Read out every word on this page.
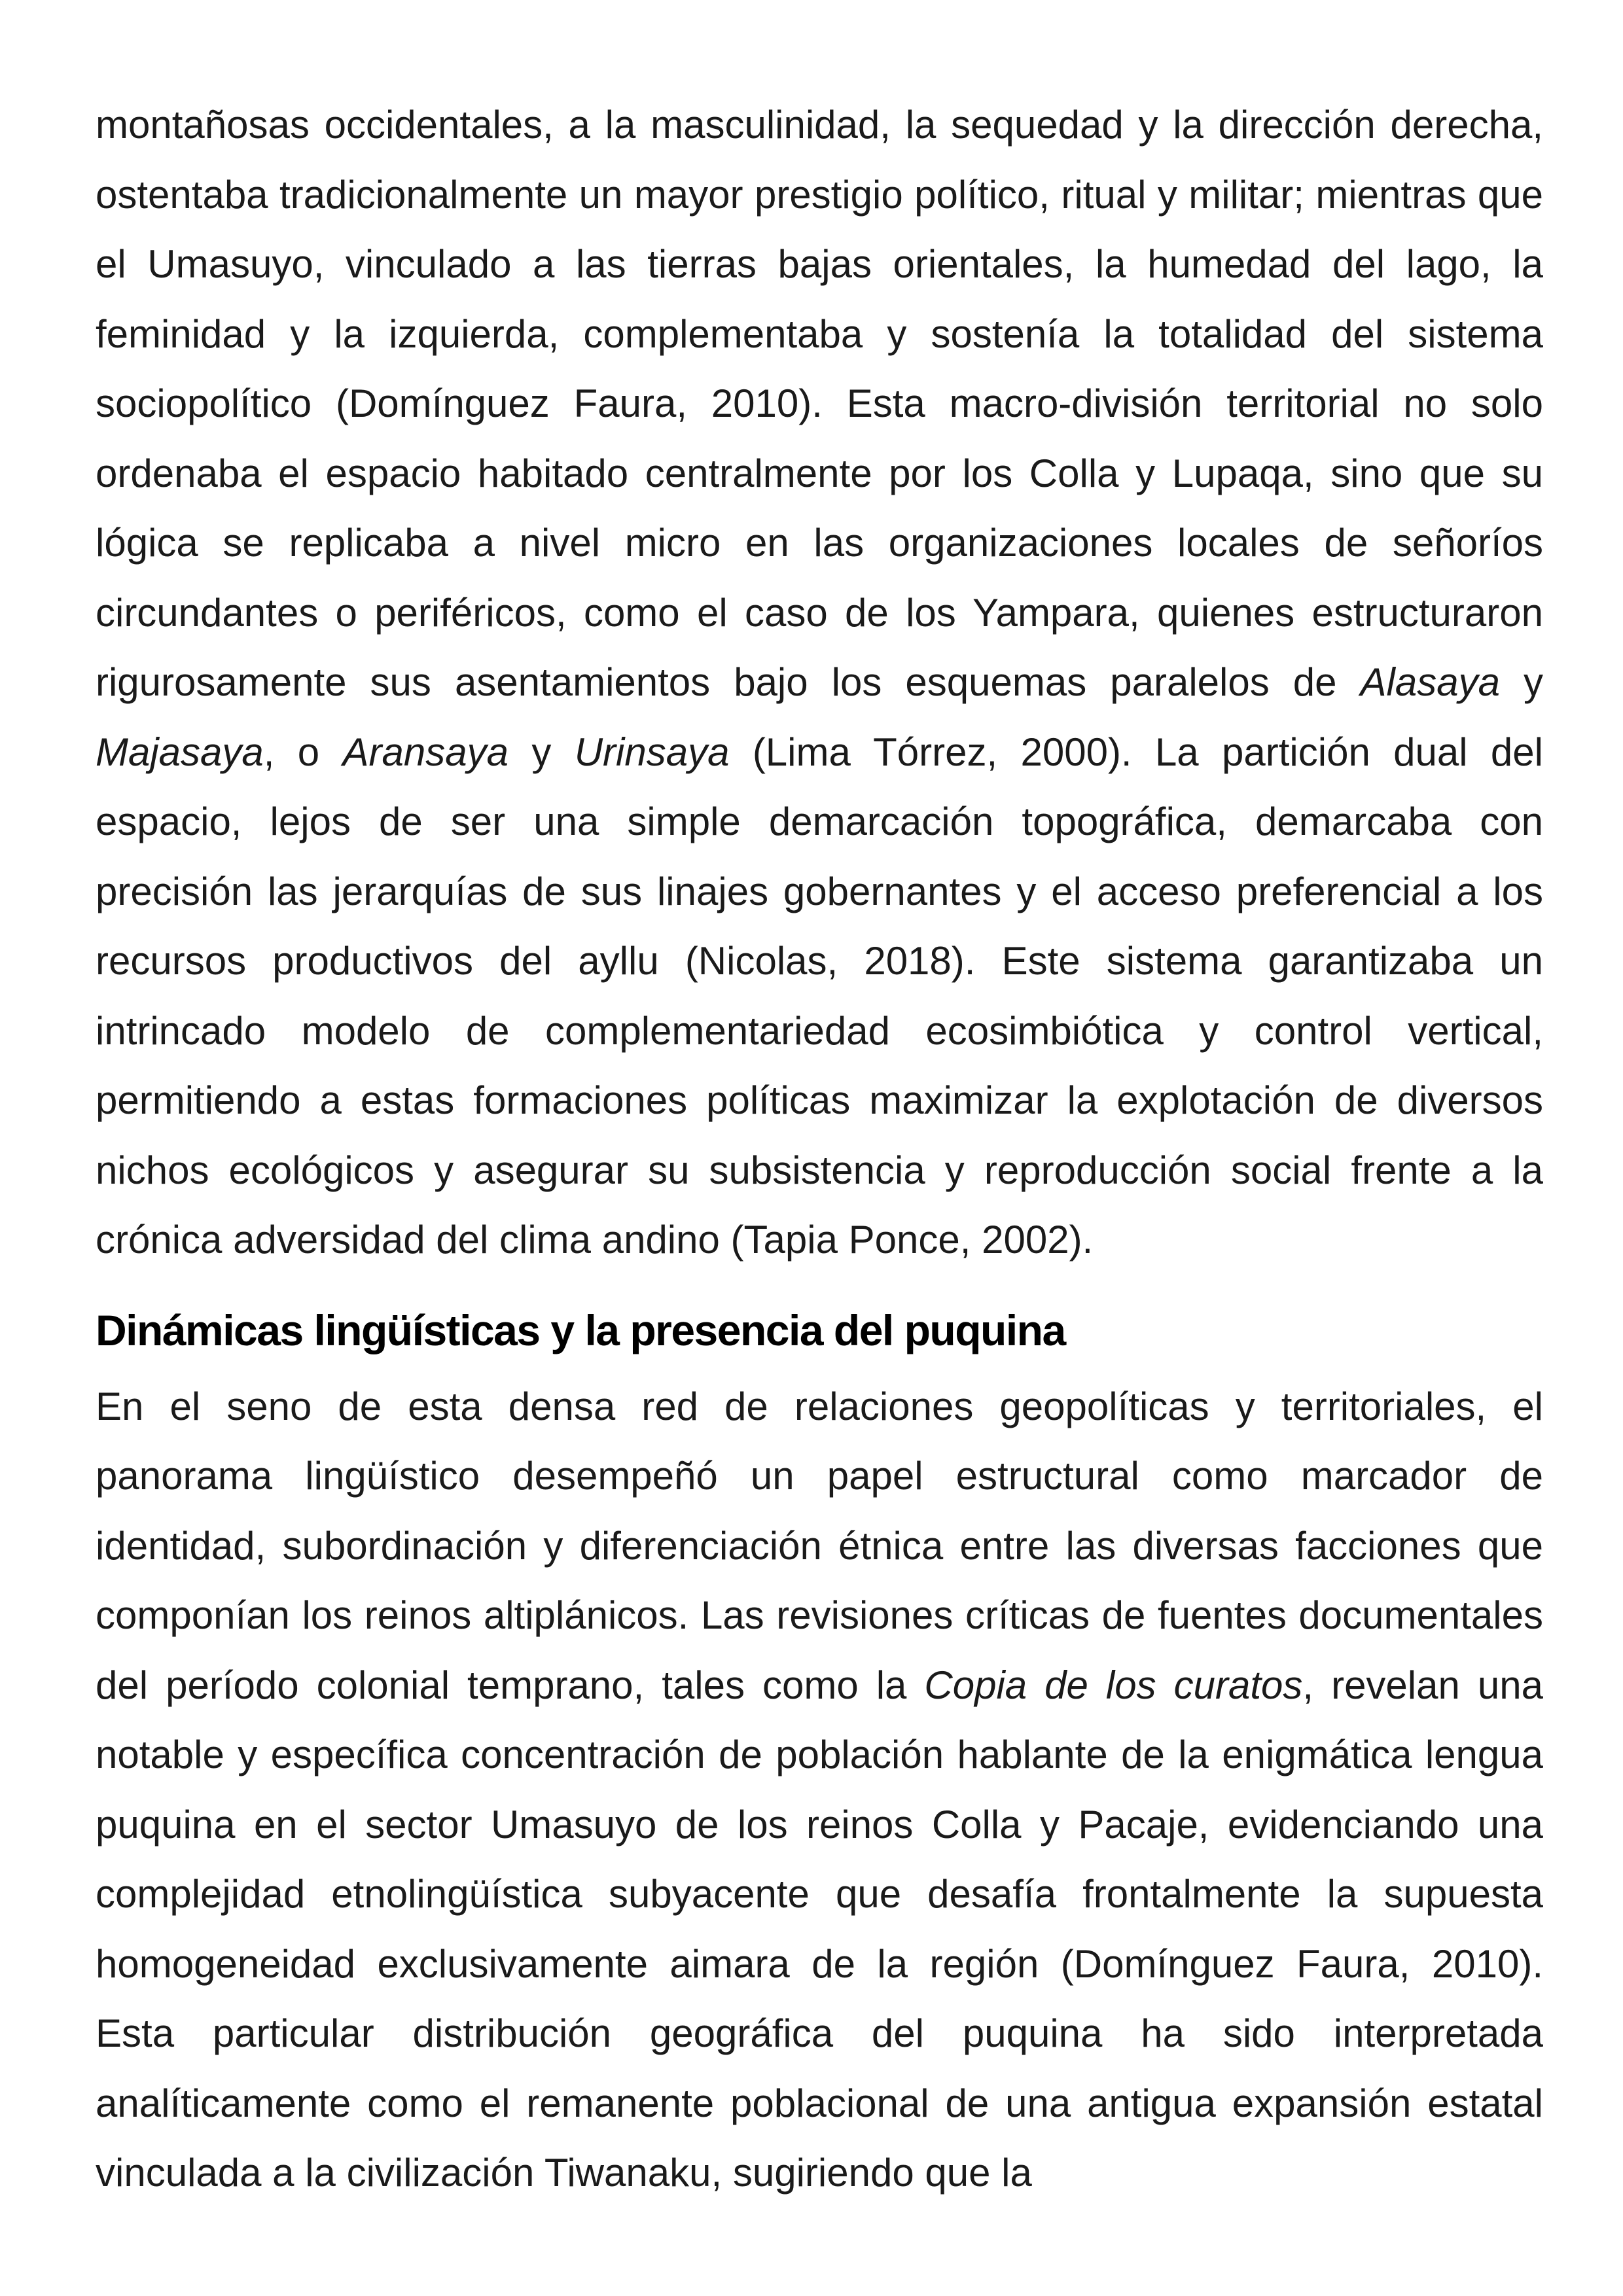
montañosas occidentales, a la masculinidad, la sequedad y la dirección derecha, ostentaba tradicionalmente un mayor prestigio político, ritual y militar; mientras que el Umasuyo, vinculado a las tierras bajas orientales, la humedad del lago, la feminidad y la izquierda, complementaba y sostenía la totalidad del sistema sociopolítico (Domínguez Faura, 2010). Esta macro-división territorial no solo ordenaba el espacio habitado centralmente por los Colla y Lupaqa, sino que su lógica se replicaba a nivel micro en las organizaciones locales de señoríos circundantes o periféricos, como el caso de los Yampara, quienes estructuraron rigurosamente sus asentamientos bajo los esquemas paralelos de Alasaya y Majasaya, o Aransaya y Urinsaya (Lima Tórrez, 2000). La partición dual del espacio, lejos de ser una simple demarcación topográfica, demarcaba con precisión las jerarquías de sus linajes gobernantes y el acceso preferencial a los recursos productivos del ayllu (Nicolas, 2018). Este sistema garantizaba un intrincado modelo de complementariedad ecosimbiótica y control vertical, permitiendo a estas formaciones políticas maximizar la explotación de diversos nichos ecológicos y asegurar su subsistencia y reproducción social frente a la crónica adversidad del clima andino (Tapia Ponce, 2002).

Dinámicas lingüísticas y la presencia del puquina

En el seno de esta densa red de relaciones geopolíticas y territoriales, el panorama lingüístico desempeñó un papel estructural como marcador de identidad, subordinación y diferenciación étnica entre las diversas facciones que componían los reinos altiplánicos. Las revisiones críticas de fuentes documentales del período colonial temprano, tales como la Copia de los curatos, revelan una notable y específica concentración de población hablante de la enigmática lengua puquina en el sector Umasuyo de los reinos Colla y Pacaje, evidenciando una complejidad etnolingüística subyacente que desafía frontalmente la supuesta homogeneidad exclusivamente aimara de la región (Domínguez Faura, 2010). Esta particular distribución geográfica del puquina ha sido interpretada analíticamente como el remanente poblacional de una antigua expansión estatal vinculada a la civilización Tiwanaku, sugiriendo que la
